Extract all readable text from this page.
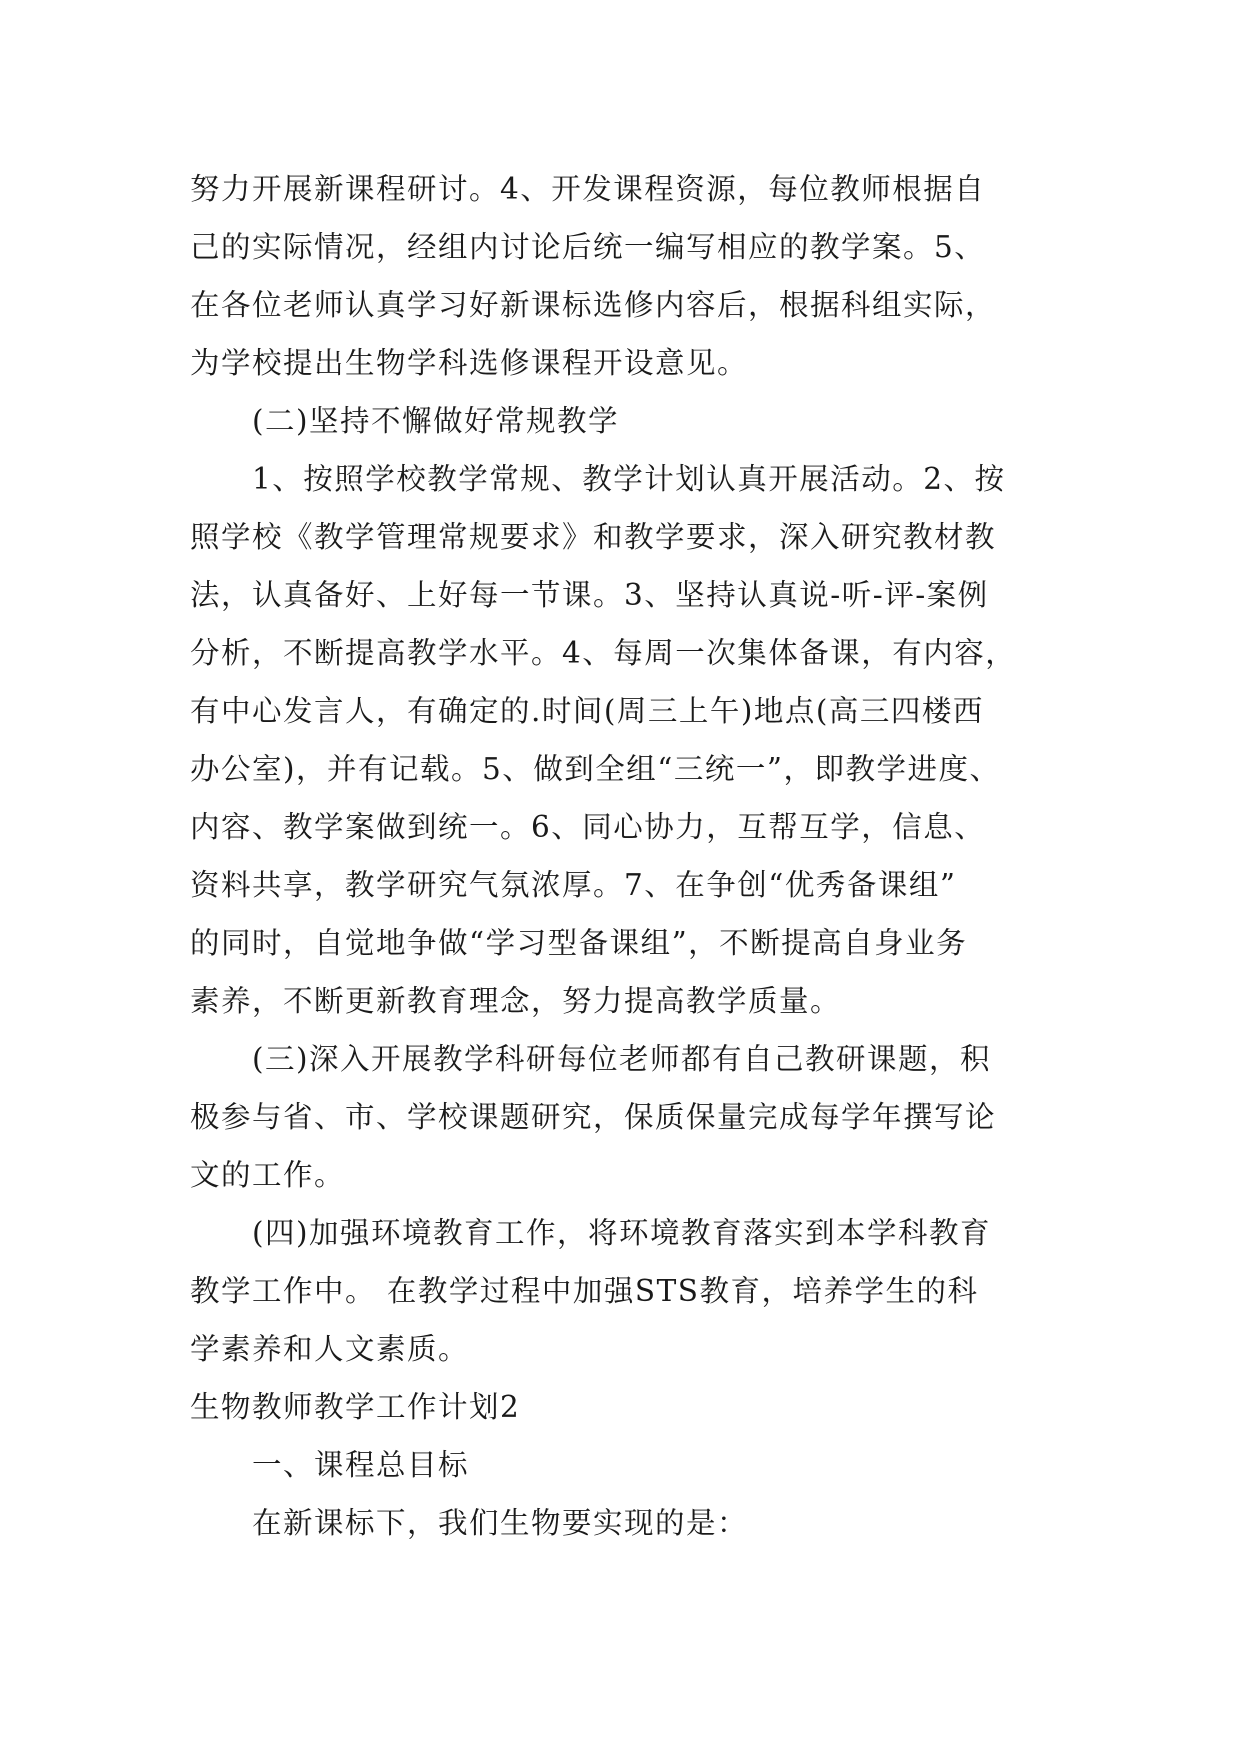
努力开展新课程研讨。4、开发课程资源，每位教师根据自
己的实际情况，经组内讨论后统一编写相应的教学案。5、
在各位老师认真学习好新课标选修内容后，根据科组实际，
为学校提出生物学科选修课程开设意见。
(二)坚持不懈做好常规教学
1、按照学校教学常规、教学计划认真开展活动。2、按
照学校《教学管理常规要求》和教学要求，深入研究教材教
法，认真备好、上好每一节课。3、坚持认真说-听-评-案例
分析，不断提高教学水平。4、每周一次集体备课，有内容，
有中心发言人，有确定的.时间(周三上午)地点(高三四楼西
办公室)，并有记载。5、做到全组“三统一”，即教学进度、
内容、教学案做到统一。6、同心协力，互帮互学，信息、
资料共享，教学研究气氛浓厚。7、在争创“优秀备课组”
的同时，自觉地争做“学习型备课组”，不断提高自身业务
素养，不断更新教育理念，努力提高教学质量。
(三)深入开展教学科研每位老师都有自己教研课题，积
极参与省、市、学校课题研究，保质保量完成每学年撰写论
文的工作。
(四)加强环境教育工作，将环境教育落实到本学科教育
教学工作中。 在教学过程中加强STS教育，培养学生的科
学素养和人文素质。
生物教师教学工作计划2
一、课程总目标
在新课标下，我们生物要实现的是：
